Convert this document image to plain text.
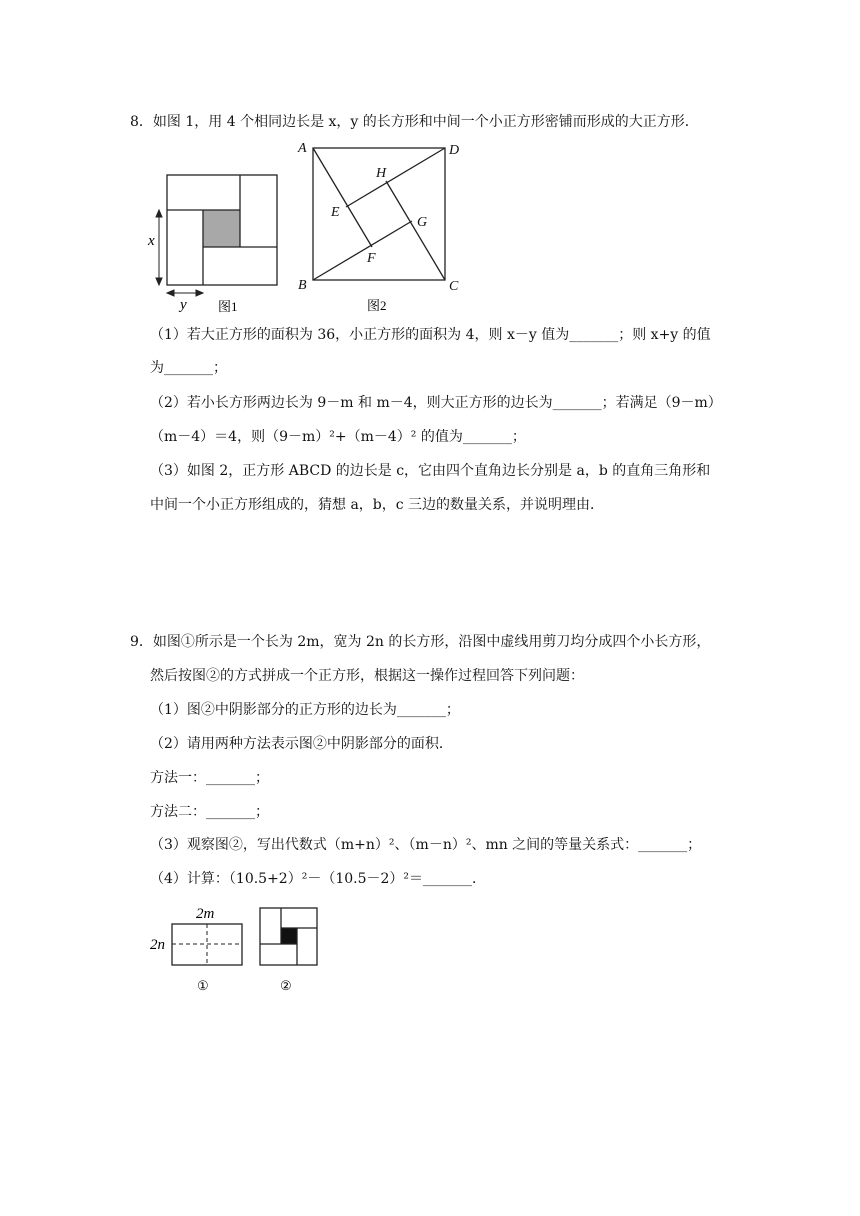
8．如图 1，用 4 个相同边长是 x，y 的长方形和中间一个小正方形密铺而形成的大正方形．
x
y 图1
A	D
B	C
H
E
G
F
图2
（1）若大正方形的面积为 36，小正方形的面积为 4，则 x－y 值为_______；则 x+y 的值
为_______；
（2）若小长方形两边长为 9－m 和 m－4，则大正方形的边长为_______；若满足（9－m）
（m－4）＝4，则（9－m）²+（m－4）² 的值为_______；
（3）如图 2，正方形 ABCD 的边长是 c，它由四个直角边长分别是 a，b 的直角三角形和
中间一个小正方形组成的，猜想 a，b，c 三边的数量关系，并说明理由．
9．如图①所示是一个长为 2m，宽为 2n 的长方形，沿图中虚线用剪刀均分成四个小长方形，
然后按图②的方式拼成一个正方形，根据这一操作过程回答下列问题：
（1）图②中阴影部分的正方形的边长为_______；
（2）请用两种方法表示图②中阴影部分的面积．
方法一：_______；
方法二：_______；
（3）观察图②，写出代数式（m+n）²、（m－n）²、mn 之间的等量关系式：_______；
（4）计算：（10.5+2）²－（10.5－2）²＝_______．
2m
2n
①	②
